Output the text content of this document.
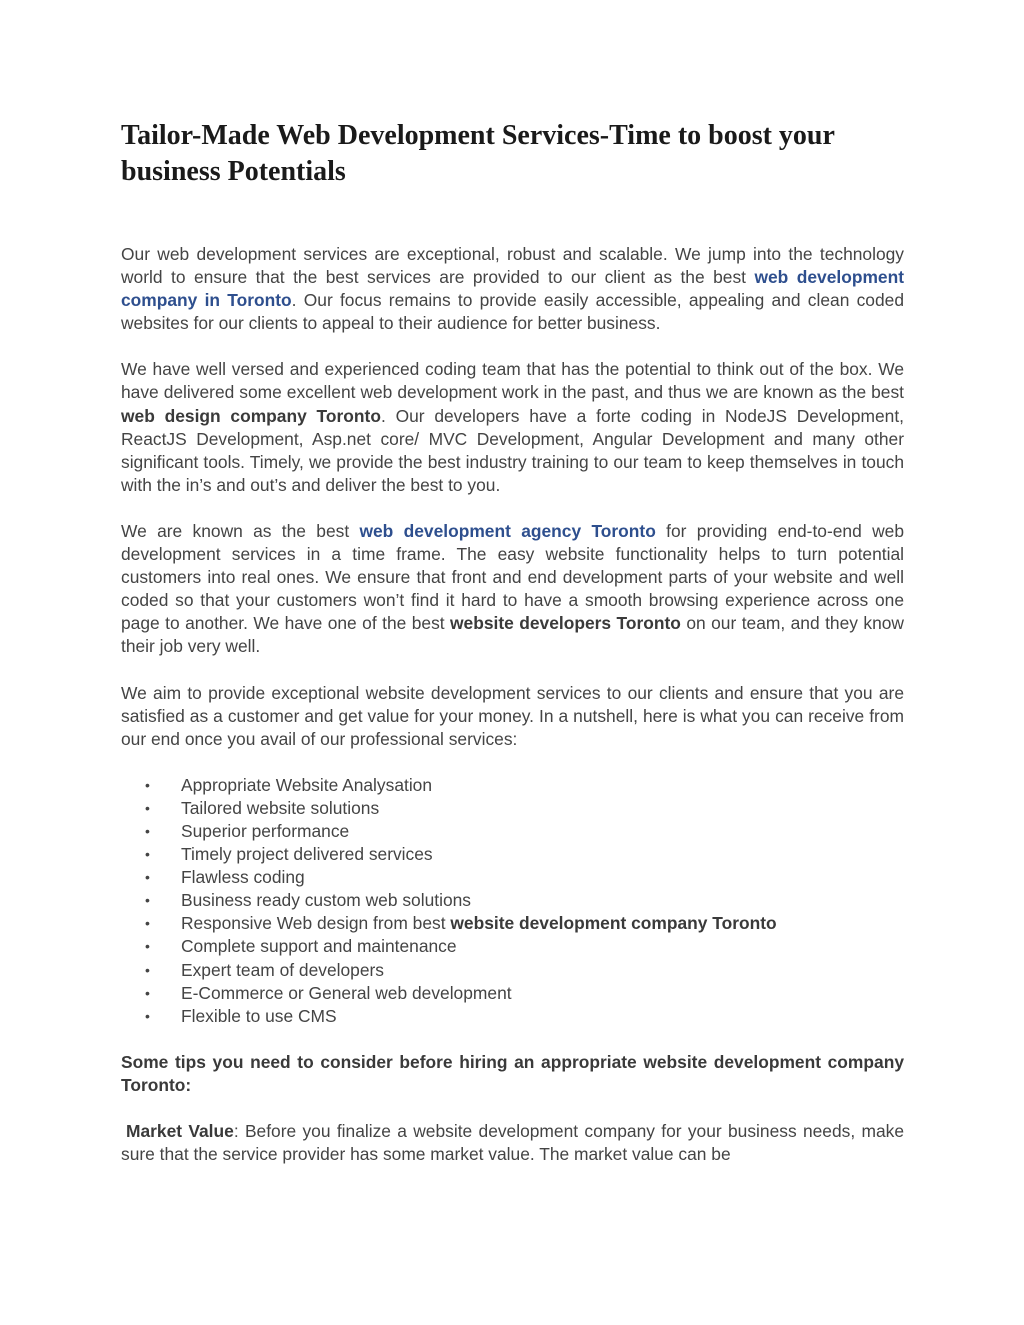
Tailor-Made Web Development Services-Time to boost your business Potentials

Our web development services are exceptional, robust and scalable. We jump into the technology world to ensure that the best services are provided to our client as the best web development company in Toronto. Our focus remains to provide easily accessible, appealing and clean coded websites for our clients to appeal to their audience for better business.

We have well versed and experienced coding team that has the potential to think out of the box. We have delivered some excellent web development work in the past, and thus we are known as the best web design company Toronto. Our developers have a forte coding in NodeJS Development, ReactJS Development, Asp.net core/ MVC Development, Angular Development and many other significant tools. Timely, we provide the best industry training to our team to keep themselves in touch with the in’s and out’s and deliver the best to you.

We are known as the best web development agency Toronto for providing end-to-end web development services in a time frame. The easy website functionality helps to turn potential customers into real ones. We ensure that front and end development parts of your website and well coded so that your customers won’t find it hard to have a smooth browsing experience across one page to another. We have one of the best website developers Toronto on our team, and they know their job very well.

We aim to provide exceptional website development services to our clients and ensure that you are satisfied as a customer and get value for your money. In a nutshell, here is what you can receive from our end once you avail of our professional services:

• Appropriate Website Analysation
• Tailored website solutions
• Superior performance
• Timely project delivered services
• Flawless coding
• Business ready custom web solutions
• Responsive Web design from best website development company Toronto
• Complete support and maintenance
• Expert team of developers
• E-Commerce or General web development
• Flexible to use CMS

Some tips you need to consider before hiring an appropriate website development company Toronto:

Market Value: Before you finalize a website development company for your business needs, make sure that the service provider has some market value. The market value can be
